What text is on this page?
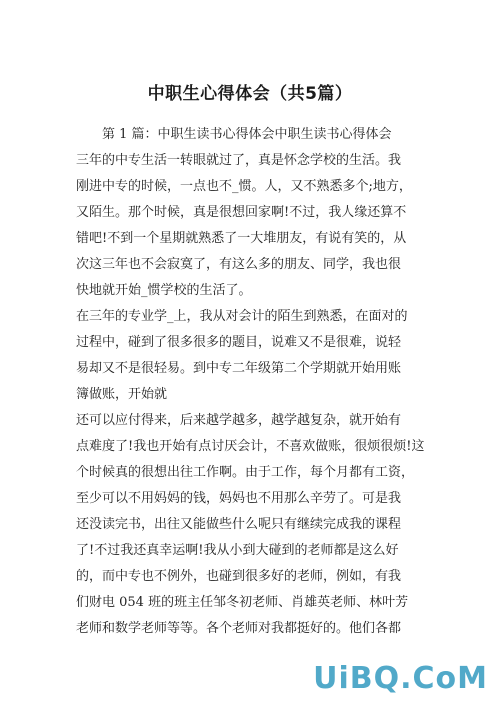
中职生心得体会（共5篇）
第 1 篇：中职生读书心得体会中职生读书心得体会
三年的中专生活一转眼就过了，真是怀念学校的生活。我
刚进中专的时候，一点也不_惯。人，又不熟悉多个;地方，
又陌生。那个时候，真是很想回家啊!不过，我人缘还算不
错吧!不到一个星期就熟悉了一大堆朋友，有说有笑的，从
次这三年也不会寂寞了，有这么多的朋友、同学，我也很
快地就开始_惯学校的生活了。
在三年的专业学_上，我从对会计的陌生到熟悉，在面对的
过程中，碰到了很多很多的题目，说难又不是很难，说轻
易却又不是很轻易。到中专二年级第二个学期就开始用账
簿做账，开始就
还可以应付得来，后来越学越多，越学越复杂，就开始有
点难度了!我也开始有点讨厌会计，不喜欢做账，很烦很烦!这
个时候真的很想出往工作啊。由于工作，每个月都有工资，
至少可以不用妈妈的钱，妈妈也不用那么辛劳了。可是我
还没读完书，出往又能做些什么呢只有继续完成我的课程
了!不过我还真幸运啊!我从小到大碰到的老师都是这么好
的，而中专也不例外，也碰到很多好的老师，例如，有我
们财电 054 班的班主任邹冬初老师、肖雄英老师、林叶芳
老师和数学老师等等。各个老师对我都挺好的。他们各都
UiBQ.CoM
